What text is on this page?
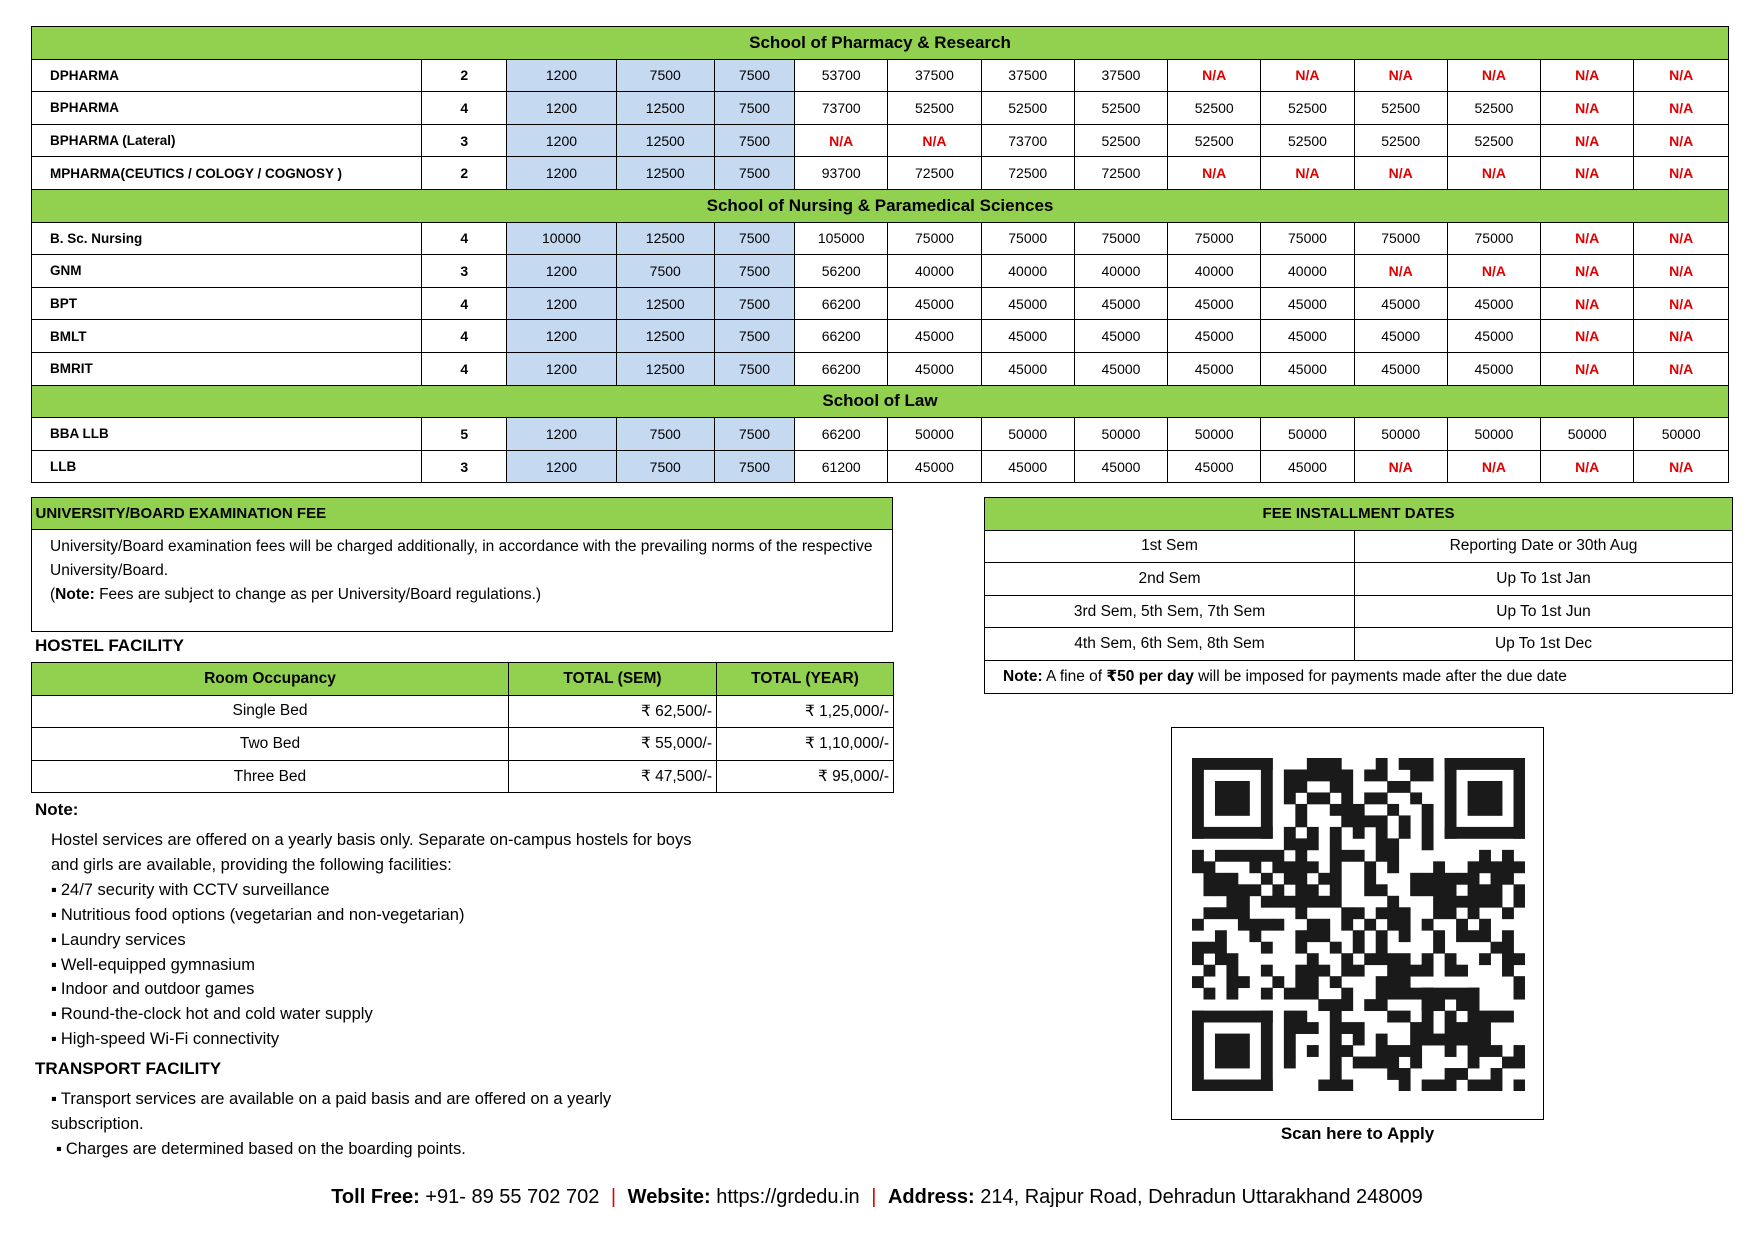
School of Pharmacy & Research														
DPHARMA	2	1200	7500	7500	53700	37500	37500	37500	N/A	N/A	N/A	N/A	N/A	N/A
BPHARMA	4	1200	12500	7500	73700	52500	52500	52500	52500	52500	52500	52500	N/A	N/A
BPHARMA (Lateral)	3	1200	12500	7500	N/A	N/A	73700	52500	52500	52500	52500	52500	N/A	N/A
MPHARMA(CEUTICS / COLOGY / COGNOSY )	2	1200	12500	7500	93700	72500	72500	72500	N/A	N/A	N/A	N/A	N/A	N/A
School of Nursing & Paramedical Sciences														
B. Sc. Nursing	4	10000	12500	7500	105000	75000	75000	75000	75000	75000	75000	75000	N/A	N/A
GNM	3	1200	7500	7500	56200	40000	40000	40000	40000	40000	N/A	N/A	N/A	N/A
BPT	4	1200	12500	7500	66200	45000	45000	45000	45000	45000	45000	45000	N/A	N/A
BMLT	4	1200	12500	7500	66200	45000	45000	45000	45000	45000	45000	45000	N/A	N/A
BMRIT	4	1200	12500	7500	66200	45000	45000	45000	45000	45000	45000	45000	N/A	N/A
School of Law														
BBA LLB	5	1200	7500	7500	66200	50000	50000	50000	50000	50000	50000	50000	50000	50000
LLB	3	1200	7500	7500	61200	45000	45000	45000	45000	45000	N/A	N/A	N/A	N/A
UNIVERSITY/BOARD EXAMINATION FEE
University/Board examination fees will be charged additionally, in accordance with the prevailing norms of the respective University/Board.
(Note: Fees are subject to change as per University/Board regulations.)
FEE INSTALLMENT DATES	
1st Sem	Reporting Date or 30th Aug
2nd Sem	Up To 1st Jan
3rd Sem, 5th Sem, 7th Sem	Up To 1st Jun
4th Sem, 6th Sem, 8th Sem	Up To 1st Dec
Note: A fine of ₹50 per day will be imposed for payments made after the due date	
HOSTEL FACILITY
Room Occupancy	TOTAL (SEM)	TOTAL (YEAR)
Single Bed	₹ 62,500/-	₹ 1,25,000/-
Two Bed	₹ 55,000/-	₹ 1,10,000/-
Three Bed	₹ 47,500/-	₹ 95,000/-
Note:
Hostel services are offered on a yearly basis only. Separate on-campus hostels for boys and girls are available, providing the following facilities:
▪ 24/7 security with CCTV surveillance
▪ Nutritious food options (vegetarian and non-vegetarian)
▪ Laundry services
▪ Well-equipped gymnasium
▪ Indoor and outdoor games
▪ Round-the-clock hot and cold water supply
▪ High-speed Wi-Fi connectivity
TRANSPORT FACILITY
▪ Transport services are available on a paid basis and are offered on a yearly subscription.
▪ Charges are determined based on the boarding points.
Scan here to Apply
Toll Free: +91- 89 55 702 702 | Website: https://grdedu.in | Address: 214, Rajpur Road, Dehradun Uttarakhand 248009
